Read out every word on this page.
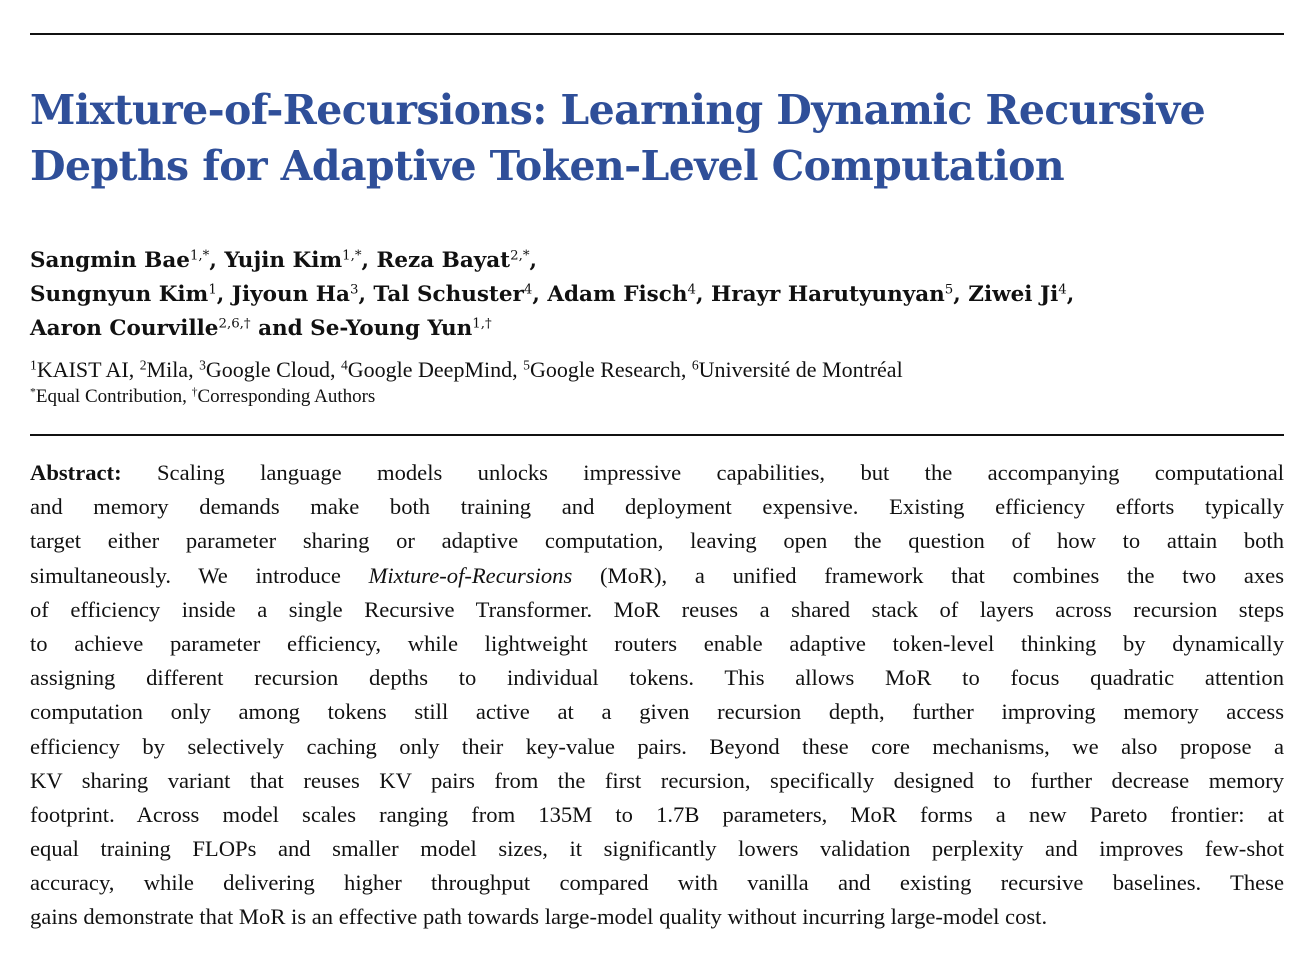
Mixture-of-Recursions: Learning Dynamic Recursive
Depths for Adaptive Token-Level Computation
Sangmin Bae$^{1,*}$, Yujin Kim$^{1,*}$, Reza Bayat$^{2,*}$,
Sungnyun Kim$^1$, Jiyoun Ha$^3$, Tal Schuster$^4$, Adam Fisch$^4$, Hrayr Harutyunyan$^5$, Ziwei Ji$^4$,
Aaron Courville$^{2,6,\dagger}$ and Se-Young Yun$^{1,\dagger}$
$^1$KAIST AI, $^2$Mila, $^3$Google Cloud, $^4$Google DeepMind, $^5$Google Research, $^6$Université de Montréal
*Equal Contribution, †Corresponding Authors
Abstract: Scaling language models unlocks impressive capabilities, but the accompanying computational
and memory demands make both training and deployment expensive. Existing efficiency efforts typically
target either parameter sharing or adaptive computation, leaving open the question of how to attain both
simultaneously. We introduce Mixture-of-Recursions (MoR), a unified framework that combines the two axes
of efficiency inside a single Recursive Transformer. MoR reuses a shared stack of layers across recursion steps
to achieve parameter efficiency, while lightweight routers enable adaptive token-level thinking by dynamically
assigning different recursion depths to individual tokens. This allows MoR to focus quadratic attention
computation only among tokens still active at a given recursion depth, further improving memory access
efficiency by selectively caching only their key-value pairs. Beyond these core mechanisms, we also propose a
KV sharing variant that reuses KV pairs from the first recursion, specifically designed to further decrease memory
footprint. Across model scales ranging from 135M to 1.7B parameters, MoR forms a new Pareto frontier: at
equal training FLOPs and smaller model sizes, it significantly lowers validation perplexity and improves few-shot
accuracy, while delivering higher throughput compared with vanilla and existing recursive baselines. These
gains demonstrate that MoR is an effective path towards large-model quality without incurring large-model cost.
